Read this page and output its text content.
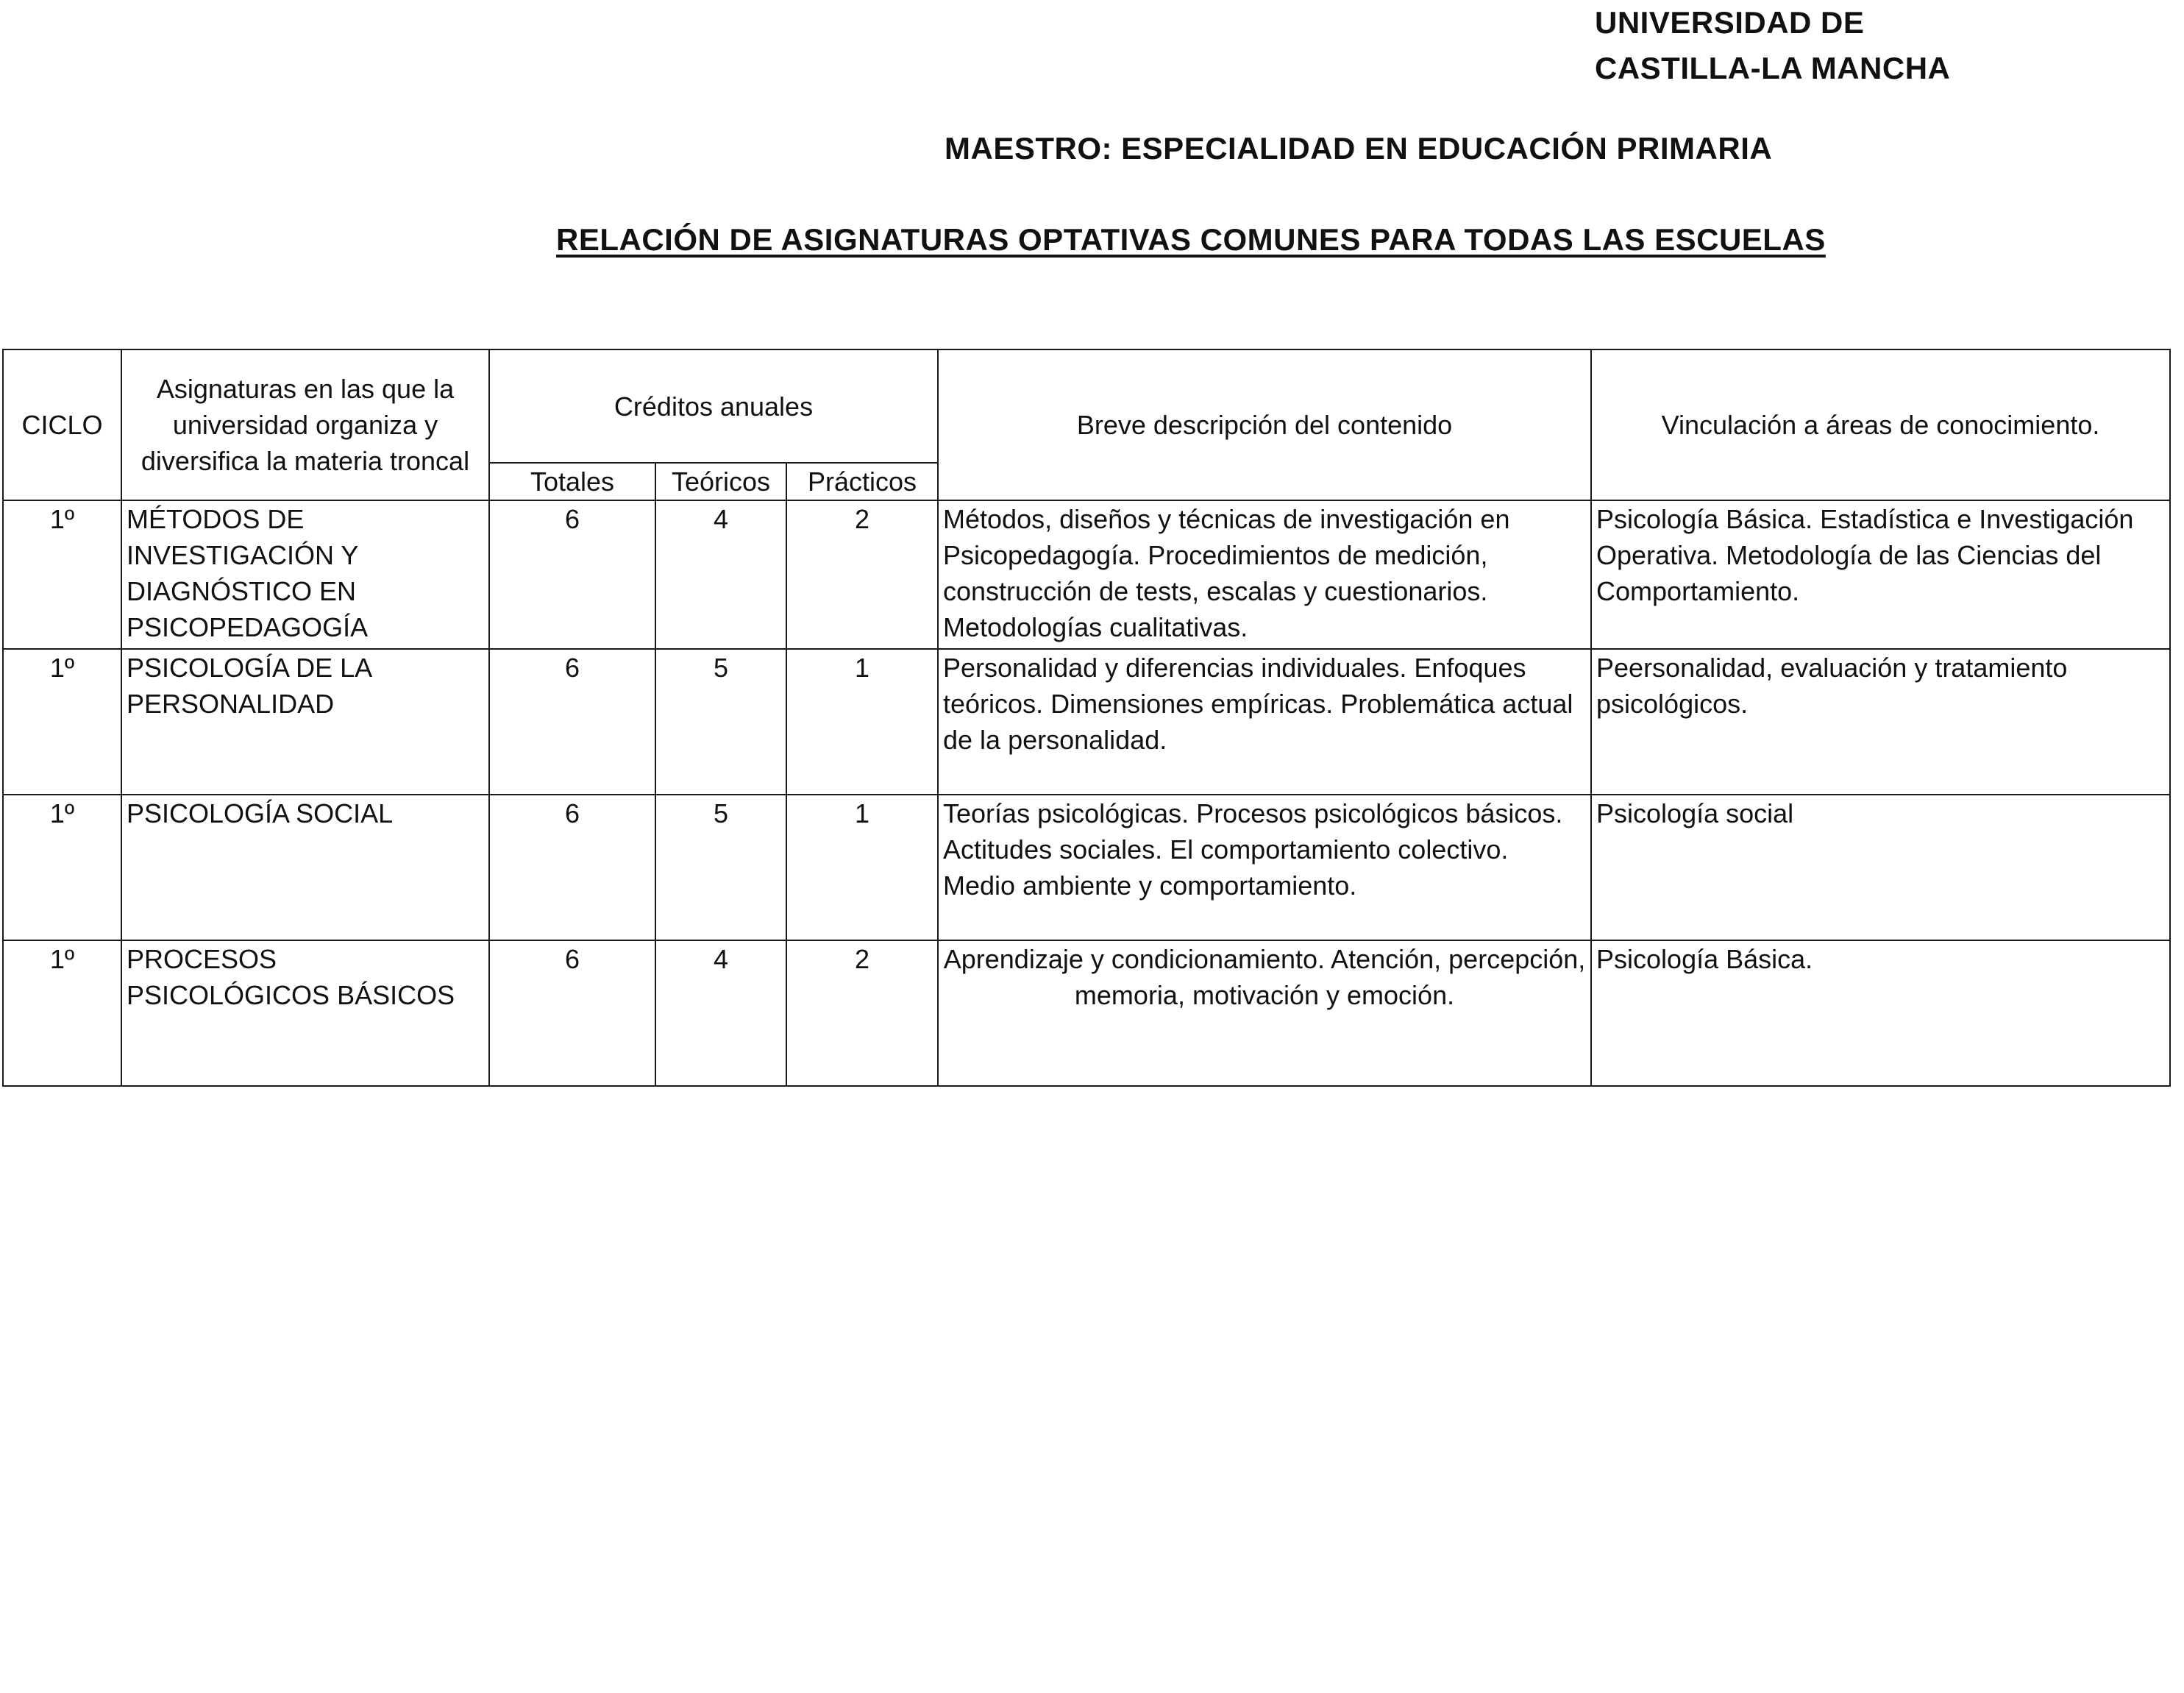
UNIVERSIDAD DE
CASTILLA-LA MANCHA
MAESTRO: ESPECIALIDAD EN EDUCACIÓN PRIMARIA
RELACIÓN DE ASIGNATURAS OPTATIVAS COMUNES PARA TODAS LAS ESCUELAS
CICLO	Asignaturas en las que la universidad organiza y diversifica la materia troncal	Créditos anuales			Breve descripción del contenido	Vinculación a áreas de conocimiento.
		Totales	Teóricos	Prácticos		
1º	MÉTODOS DE INVESTIGACIÓN Y DIAGNÓSTICO EN PSICOPEDAGOGÍA	6	4	2	Métodos, diseños y técnicas de investigación en Psicopedagogía. Procedimientos de medición, construcción de tests, escalas y cuestionarios. Metodologías cualitativas.	Psicología Básica. Estadística e Investigación Operativa. Metodología de las Ciencias del Comportamiento.
1º	PSICOLOGÍA DE LA PERSONALIDAD	6	5	1	Personalidad y diferencias individuales. Enfoques teóricos. Dimensiones empíricas. Problemática actual de la personalidad.	Peersonalidad, evaluación y tratamiento psicológicos.
1º	PSICOLOGÍA SOCIAL	6	5	1	Teorías psicológicas. Procesos psicológicos básicos. Actitudes sociales. El comportamiento colectivo. Medio ambiente y comportamiento.	Psicología social
1º	PROCESOS PSICOLÓGICOS BÁSICOS	6	4	2	Aprendizaje y condicionamiento. Atención, percepción, memoria, motivación y emoción.	Psicología Básica.
